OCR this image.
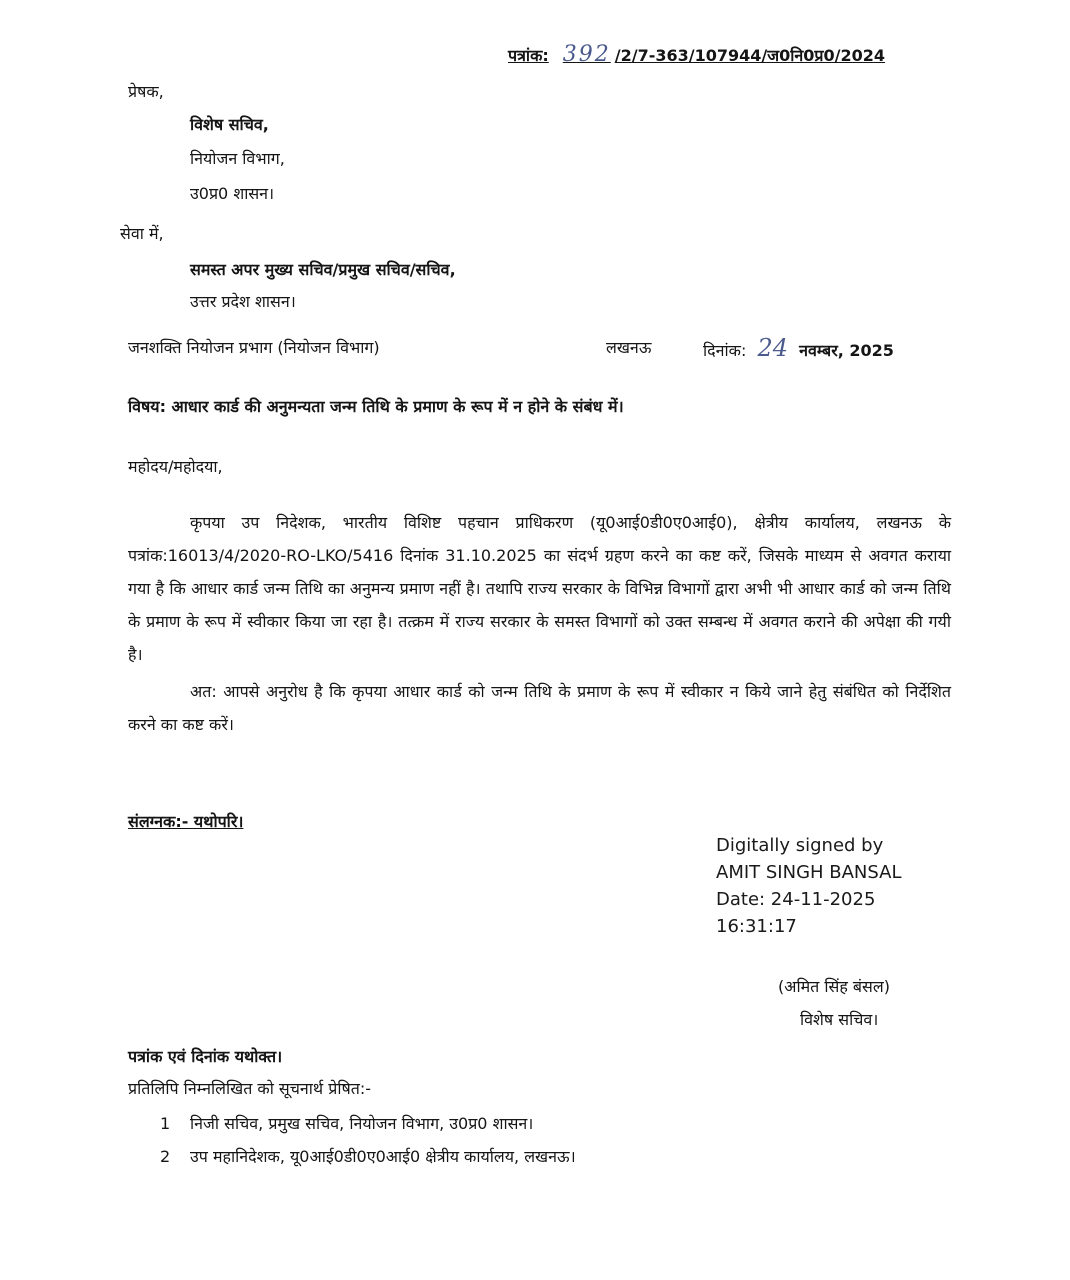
पत्रांक: 392 /2/7-363/107944/ज0नि0प्र0/2024
प्रेषक,
विशेष सचिव,
नियोजन विभाग,
उ0प्र0 शासन।
सेवा में,
समस्त अपर मुख्य सचिव/प्रमुख सचिव/सचिव,
उत्तर प्रदेश शासन।
जनशक्ति नियोजन प्रभाग (नियोजन विभाग)	लखनऊ	दिनांक: 24 नवम्बर, 2025
विषय: आधार कार्ड की अनुमन्यता जन्म तिथि के प्रमाण के रूप में न होने के संबंध में।
महोदय/महोदया,

कृपया उप निदेशक, भारतीय विशिष्ट पहचान प्राधिकरण (यू0आई0डी0ए0आई0), क्षेत्रीय कार्यालय, लखनऊ के पत्रांक:16013/4/2020-RO-LKO/5416 दिनांक 31.10.2025 का संदर्भ ग्रहण करने का कष्ट करें, जिसके माध्यम से अवगत कराया गया है कि आधार कार्ड जन्म तिथि का अनुमन्य प्रमाण नहीं है। तथापि राज्य सरकार के विभिन्न विभागों द्वारा अभी भी आधार कार्ड को जन्म तिथि के प्रमाण के रूप में स्वीकार किया जा रहा है। तत्क्रम में राज्य सरकार के समस्त विभागों को उक्त सम्बन्ध में अवगत कराने की अपेक्षा की गयी है।

अत: आपसे अनुरोध है कि कृपया आधार कार्ड को जन्म तिथि के प्रमाण के रूप में स्वीकार न किये जाने हेतु संबंधित को निर्देशित करने का कष्ट करें।

संलग्नक:- यथोपरि।
Digitally signed by
AMIT SINGH BANSAL
Date: 24-11-2025
16:31:17
(अमित सिंह बंसल)
विशेष सचिव।
पत्रांक एवं दिनांक यथोक्त।
प्रतिलिपि निम्नलिखित को सूचनार्थ प्रेषित:-
1 निजी सचिव, प्रमुख सचिव, नियोजन विभाग, उ0प्र0 शासन।
2 उप महानिदेशक, यू0आई0डी0ए0आई0 क्षेत्रीय कार्यालय, लखनऊ।
